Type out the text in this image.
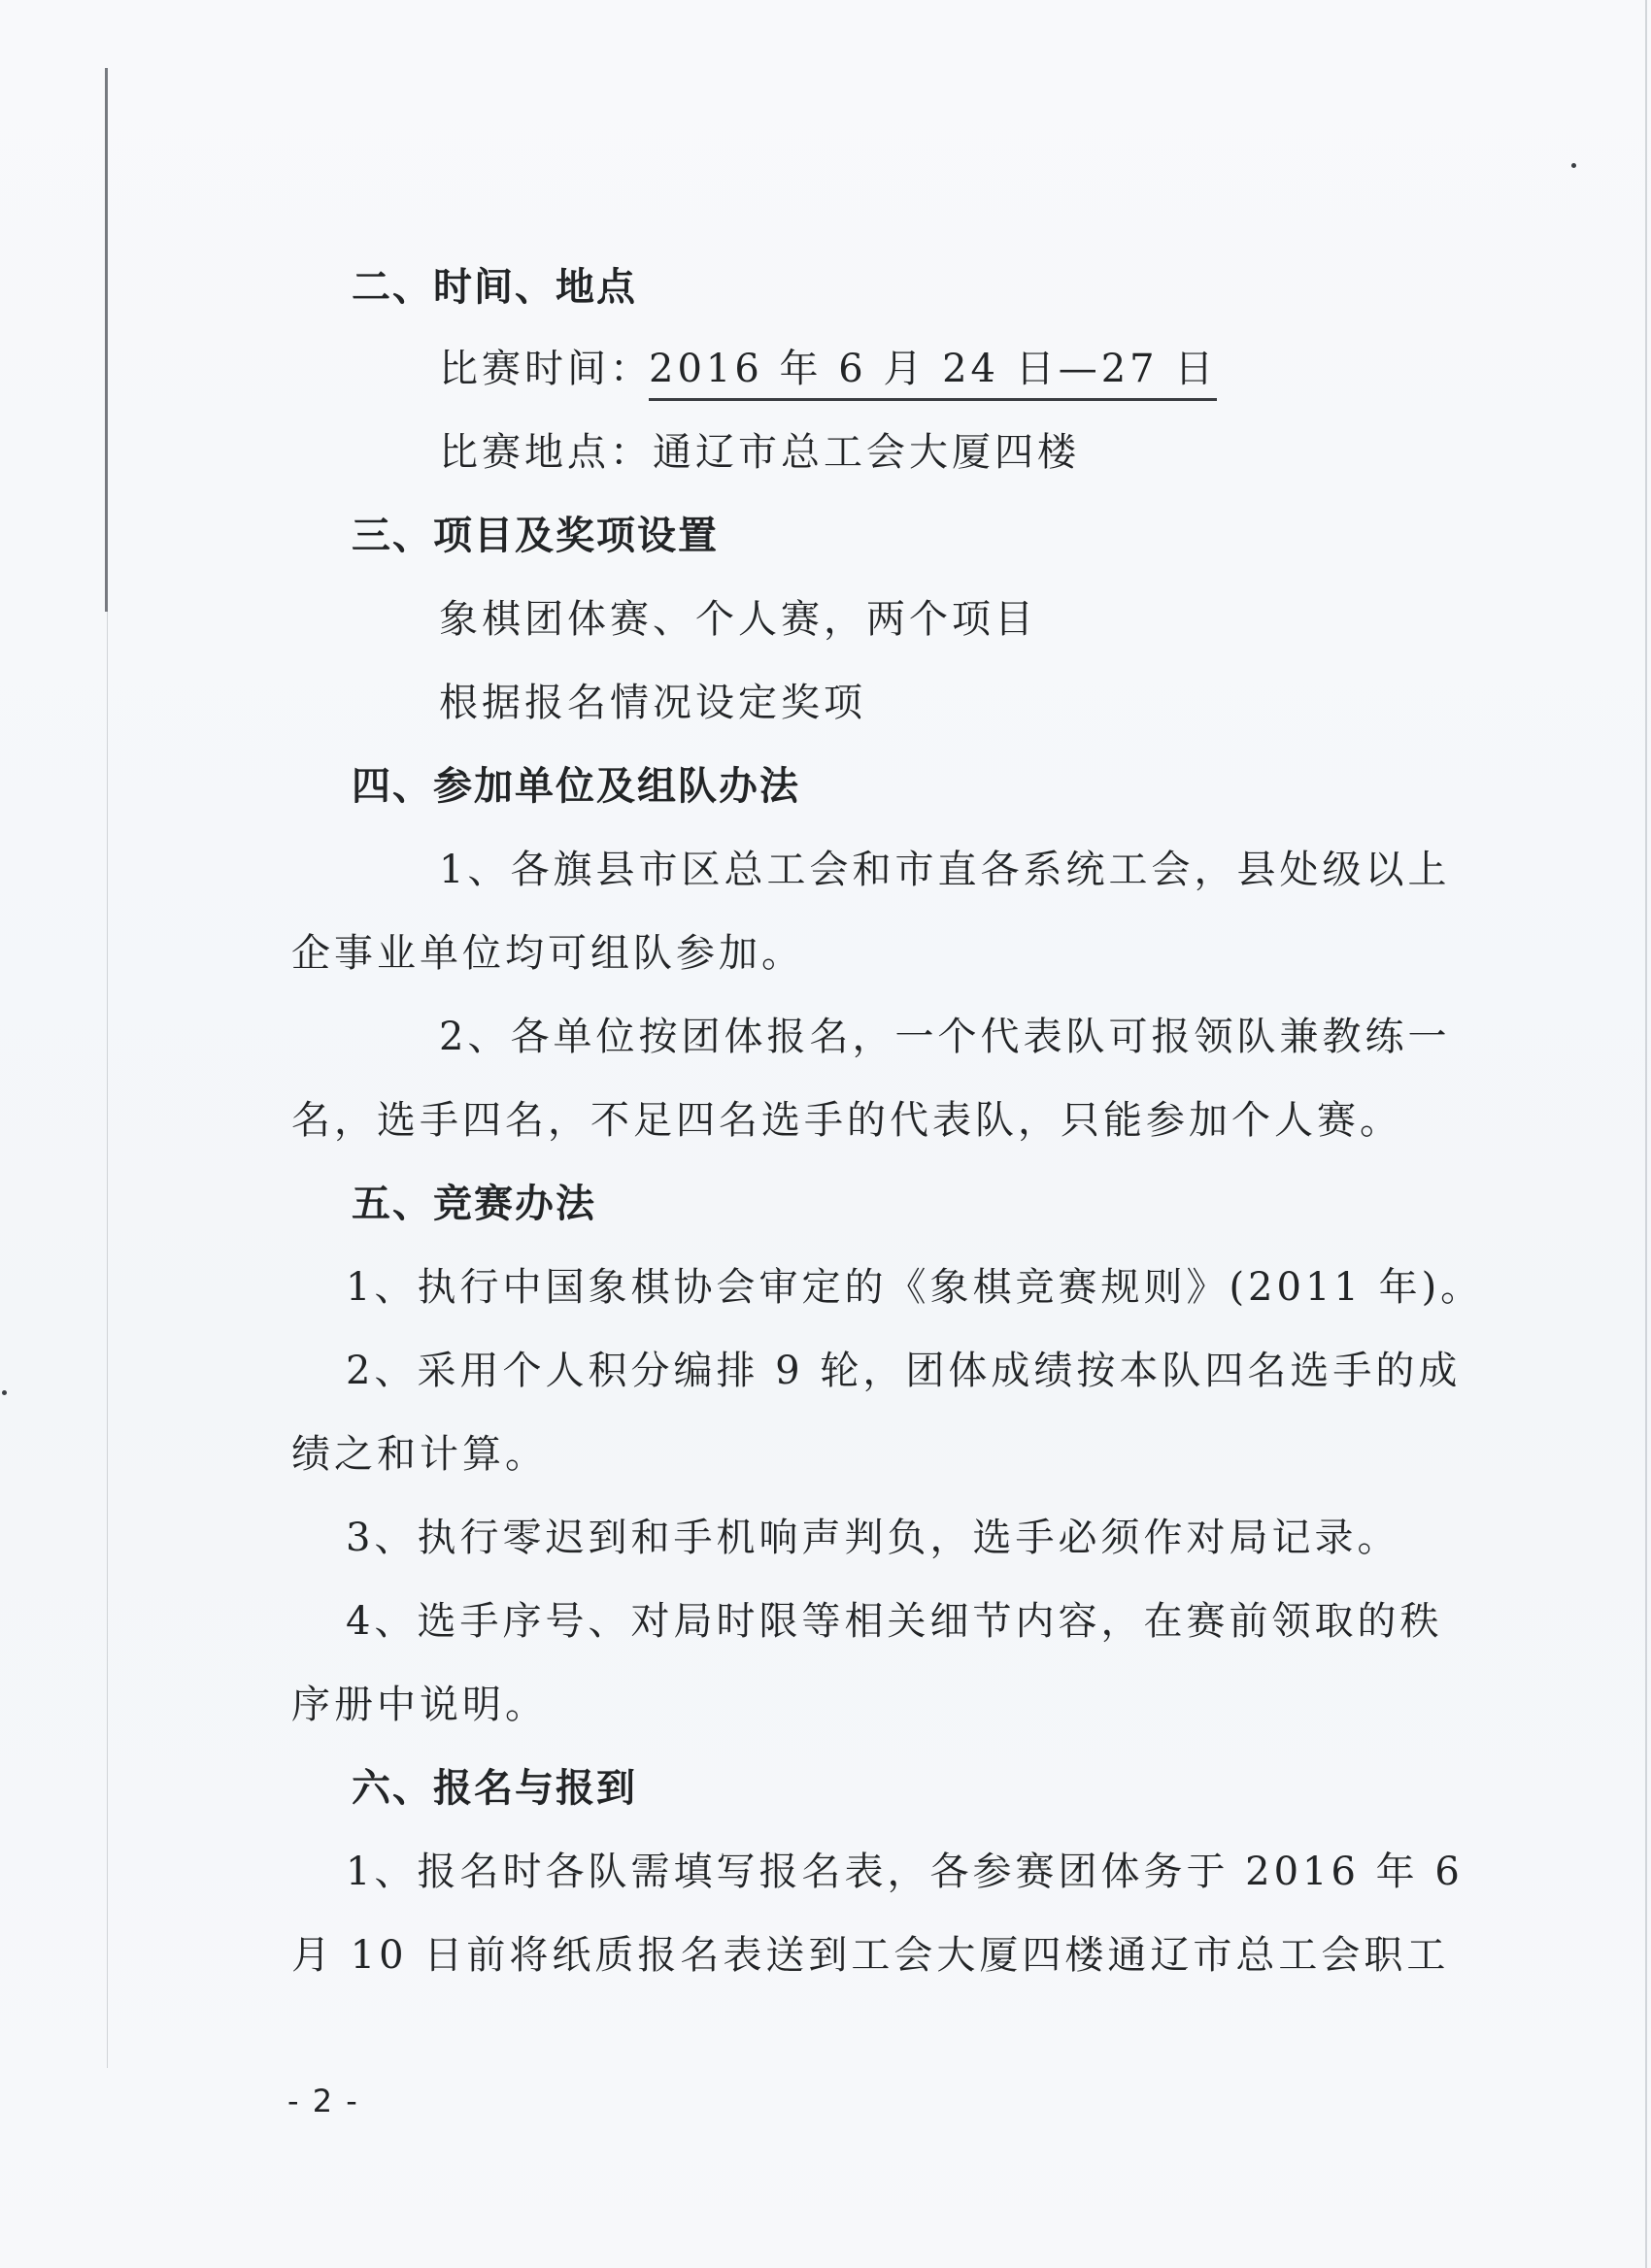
二、时间、地点
比赛时间：
2016 年 6 月 24 日—27 日
比赛地点：通辽市总工会大厦四楼
三、项目及奖项设置
象棋团体赛、个人赛，两个项目
根据报名情况设定奖项
四、参加单位及组队办法
1、各旗县市区总工会和市直各系统工会，县处级以上
企事业单位均可组队参加。
2、各单位按团体报名，一个代表队可报领队兼教练一
名，选手四名，不足四名选手的代表队，只能参加个人赛。
五、竞赛办法
1、执行中国象棋协会审定的《象棋竞赛规则》(2011 年)。
2、采用个人积分编排 9 轮，团体成绩按本队四名选手的成
绩之和计算。
3、执行零迟到和手机响声判负，选手必须作对局记录。
4、选手序号、对局时限等相关细节内容，在赛前领取的秩
序册中说明。
六、报名与报到
1、报名时各队需填写报名表，各参赛团体务于 2016 年 6
月 10 日前将纸质报名表送到工会大厦四楼通辽市总工会职工
- 2 -
